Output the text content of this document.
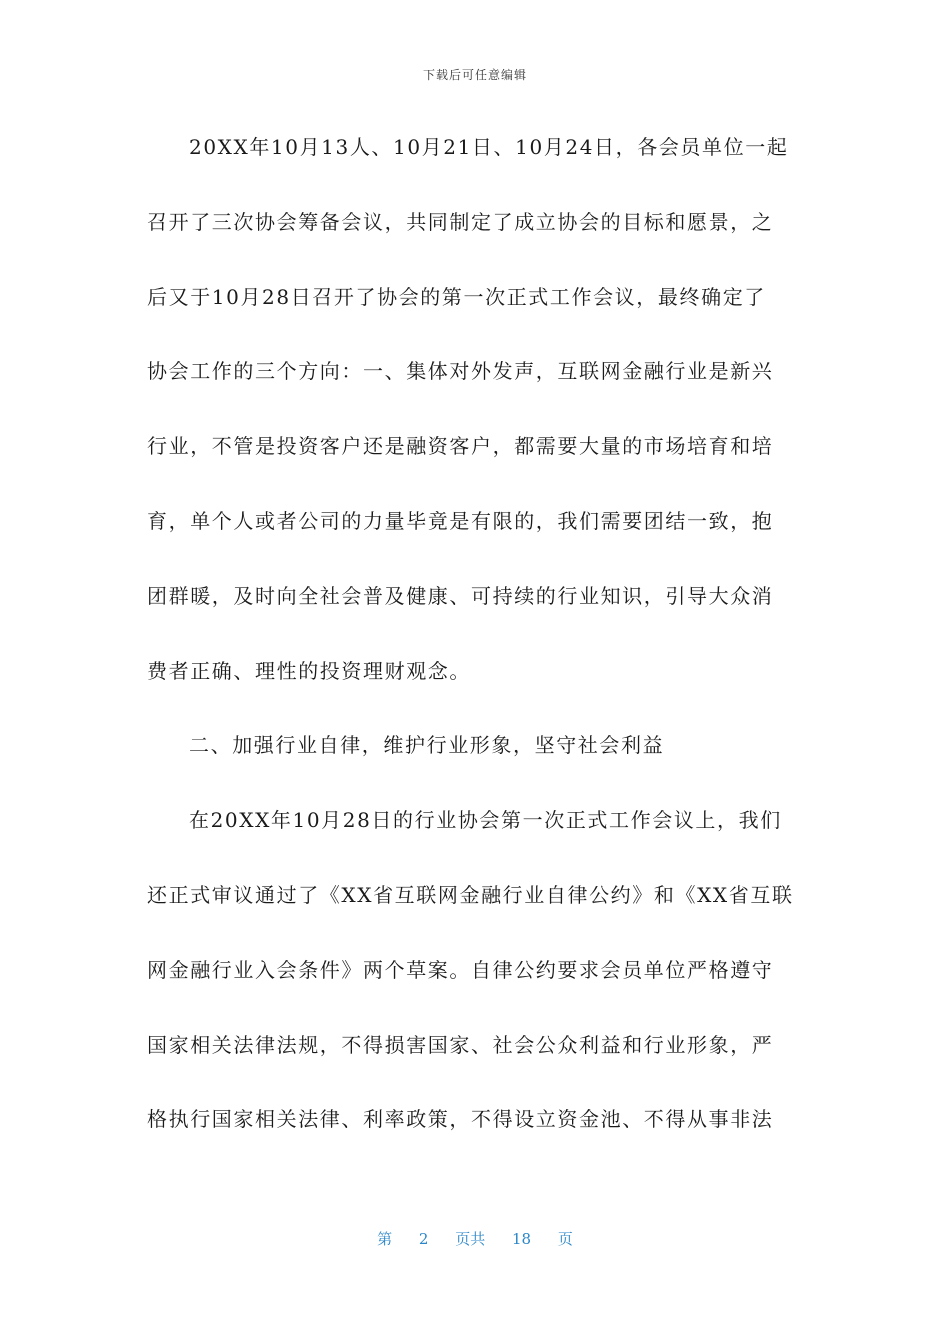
下载后可任意编辑
20XX年10月13人、10月21日、10月24日，各会员单位一起
召开了三次协会筹备会议，共同制定了成立协会的目标和愿景，之
后又于10月28日召开了协会的第一次正式工作会议，最终确定了
协会工作的三个方向：一、集体对外发声，互联网金融行业是新兴
行业，不管是投资客户还是融资客户，都需要大量的市场培育和培
育，单个人或者公司的力量毕竟是有限的，我们需要团结一致，抱
团群暖，及时向全社会普及健康、可持续的行业知识，引导大众消
费者正确、理性的投资理财观念。
二、加强行业自律，维护行业形象，坚守社会利益
在20XX年10月28日的行业协会第一次正式工作会议上，我们
还正式审议通过了《XX省互联网金融行业自律公约》和《XX省互联
网金融行业入会条件》两个草案。自律公约要求会员单位严格遵守
国家相关法律法规，不得损害国家、社会公众利益和行业形象，严
格执行国家相关法律、利率政策，不得设立资金池、不得从事非法
第 2 页共 18 页
